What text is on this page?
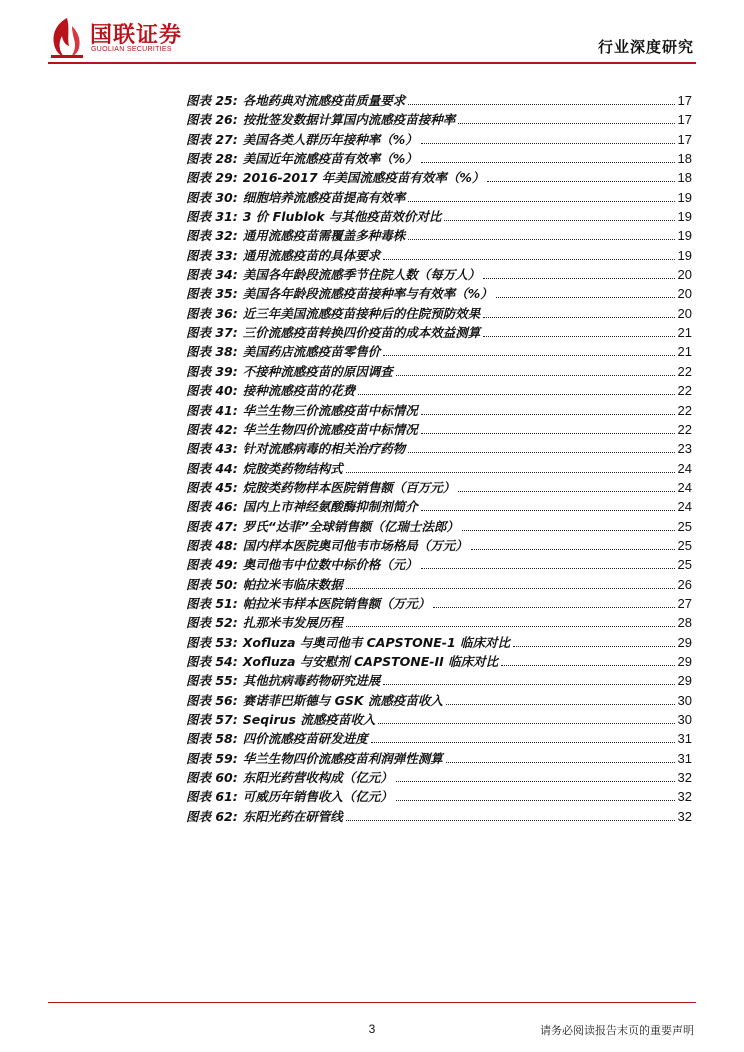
国联证券
GUOLIAN SECURITIES	行业深度研究
图表 25: 各地药典对流感疫苗质量要求	17
图表 26: 按批签发数据计算国内流感疫苗接种率	17
图表 27: 美国各类人群历年接种率（%）	17
图表 28: 美国近年流感疫苗有效率（%）	18
图表 29: 2016-2017 年美国流感疫苗有效率（%）	18
图表 30: 细胞培养流感疫苗提高有效率	19
图表 31: 3 价 Flublok 与其他疫苗效价对比	19
图表 32: 通用流感疫苗需覆盖多种毒株	19
图表 33: 通用流感疫苗的具体要求	19
图表 34: 美国各年龄段流感季节住院人数（每万人）	20
图表 35: 美国各年龄段流感疫苗接种率与有效率（%）	20
图表 36: 近三年美国流感疫苗接种后的住院预防效果	20
图表 37: 三价流感疫苗转换四价疫苗的成本效益测算	21
图表 38: 美国药店流感疫苗零售价	21
图表 39: 不接种流感疫苗的原因调查	22
图表 40: 接种流感疫苗的花费	22
图表 41: 华兰生物三价流感疫苗中标情况	22
图表 42: 华兰生物四价流感疫苗中标情况	22
图表 43: 针对流感病毒的相关治疗药物	23
图表 44: 烷胺类药物结构式	24
图表 45: 烷胺类药物样本医院销售额（百万元）	24
图表 46: 国内上市神经氨酸酶抑制剂简介	24
图表 47: 罗氏“达菲”全球销售额（亿瑞士法郎）	25
图表 48: 国内样本医院奥司他韦市场格局（万元）	25
图表 49: 奥司他韦中位数中标价格（元）	25
图表 50: 帕拉米韦临床数据	26
图表 51: 帕拉米韦样本医院销售额（万元）	27
图表 52: 扎那米韦发展历程	28
图表 53: Xofluza 与奥司他韦 CAPSTONE-1 临床对比	29
图表 54: Xofluza 与安慰剂 CAPSTONE-II 临床对比	29
图表 55: 其他抗病毒药物研究进展	29
图表 56: 赛诺菲巴斯德与 GSK 流感疫苗收入	30
图表 57: Seqirus 流感疫苗收入	30
图表 58: 四价流感疫苗研发进度	31
图表 59: 华兰生物四价流感疫苗利润弹性测算	31
图表 60: 东阳光药营收构成（亿元）	32
图表 61: 可威历年销售收入（亿元）	32
图表 62: 东阳光药在研管线	32
3	请务必阅读报告末页的重要声明
